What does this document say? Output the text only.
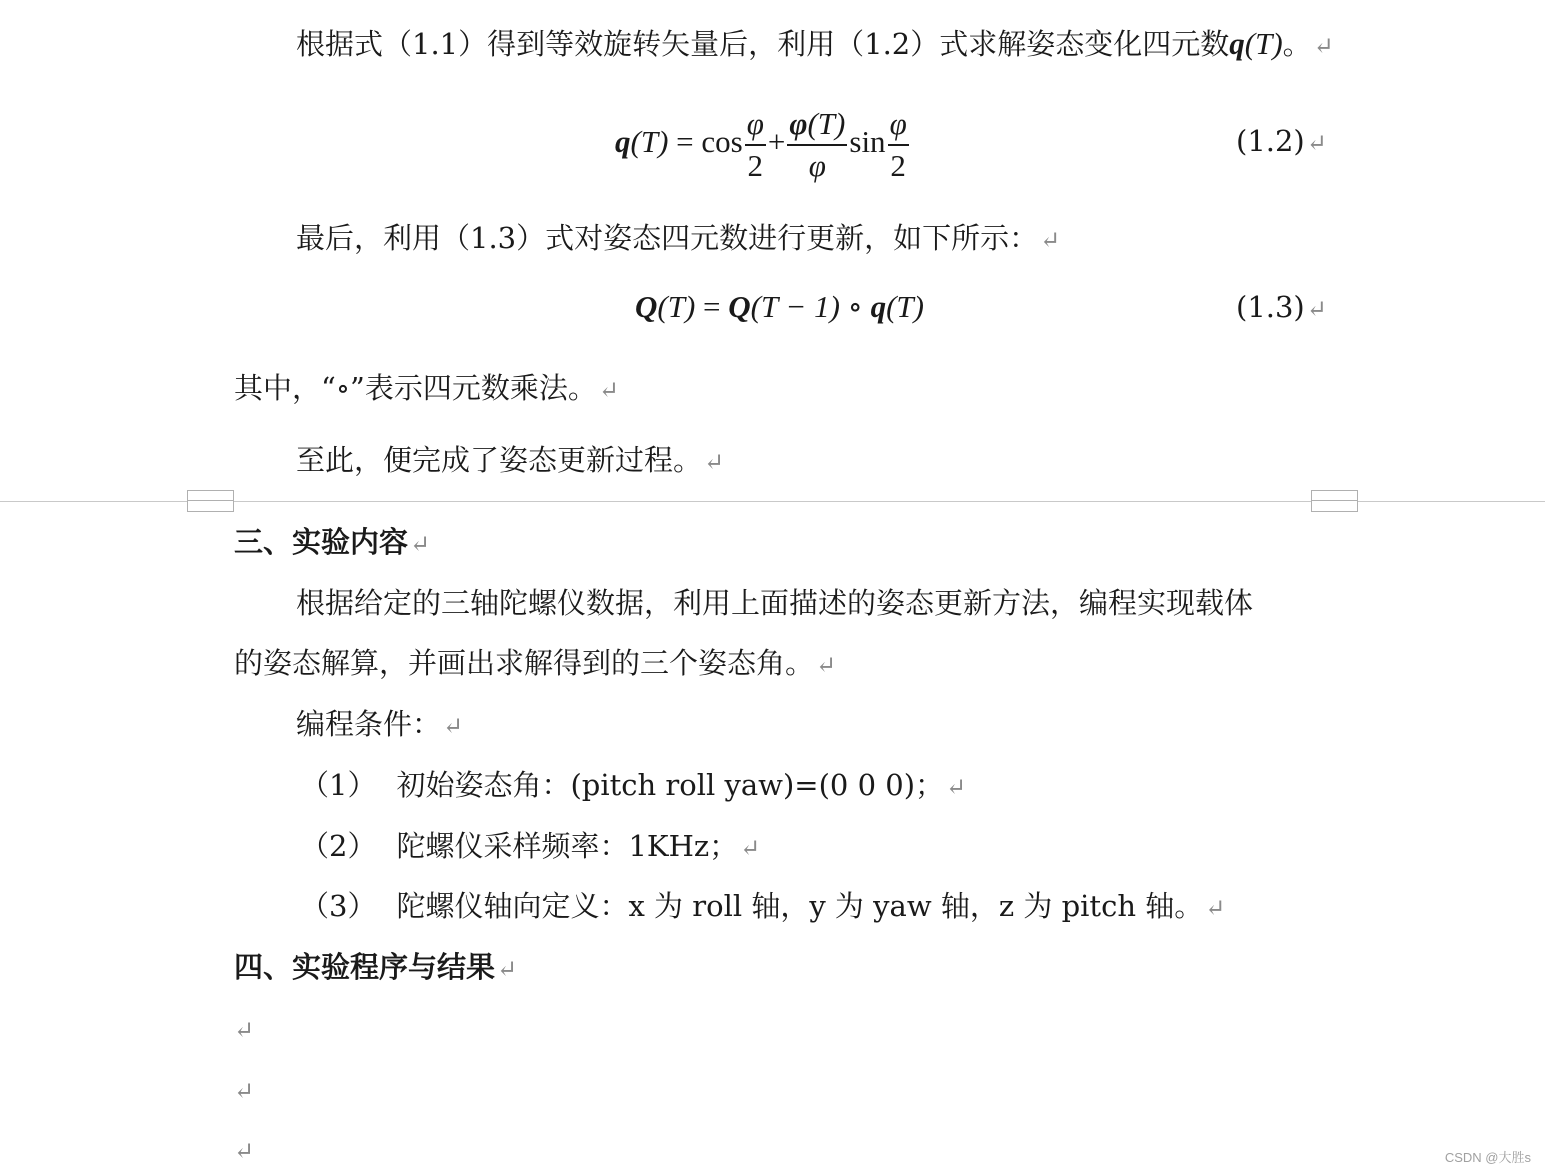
根据式（1.1）得到等效旋转矢量后，利用（1.2）式求解姿态变化四元数q(T)。↵
$q(T) = \cos \frac{\varphi}{2} + \frac{\varphi(T)}{\varphi}$ $\sin \frac{\varphi}{2}$	(1.2)↵
最后，利用（1.3）式对姿态四元数进行更新，如下所示：↵
Q(T) = Q(T − 1) ∘ q(T)	(1.3)↵
其中，“∘”表示四元数乘法。↵
至此，便完成了姿态更新过程。↵
三、实验内容↵
根据给定的三轴陀螺仪数据，利用上面描述的姿态更新方法，编程实现载体
的姿态解算，并画出求解得到的三个姿态角。↵
编程条件：↵
（1） 初始姿态角：(pitch roll yaw)=(0 0 0)；↵
（2） 陀螺仪采样频率：1KHz；↵
（3） 陀螺仪轴向定义：x 为 roll 轴，y 为 yaw 轴，z 为 pitch 轴。↵
四、实验程序与结果↵
↵
↵
↵	CSDN @大胜s
